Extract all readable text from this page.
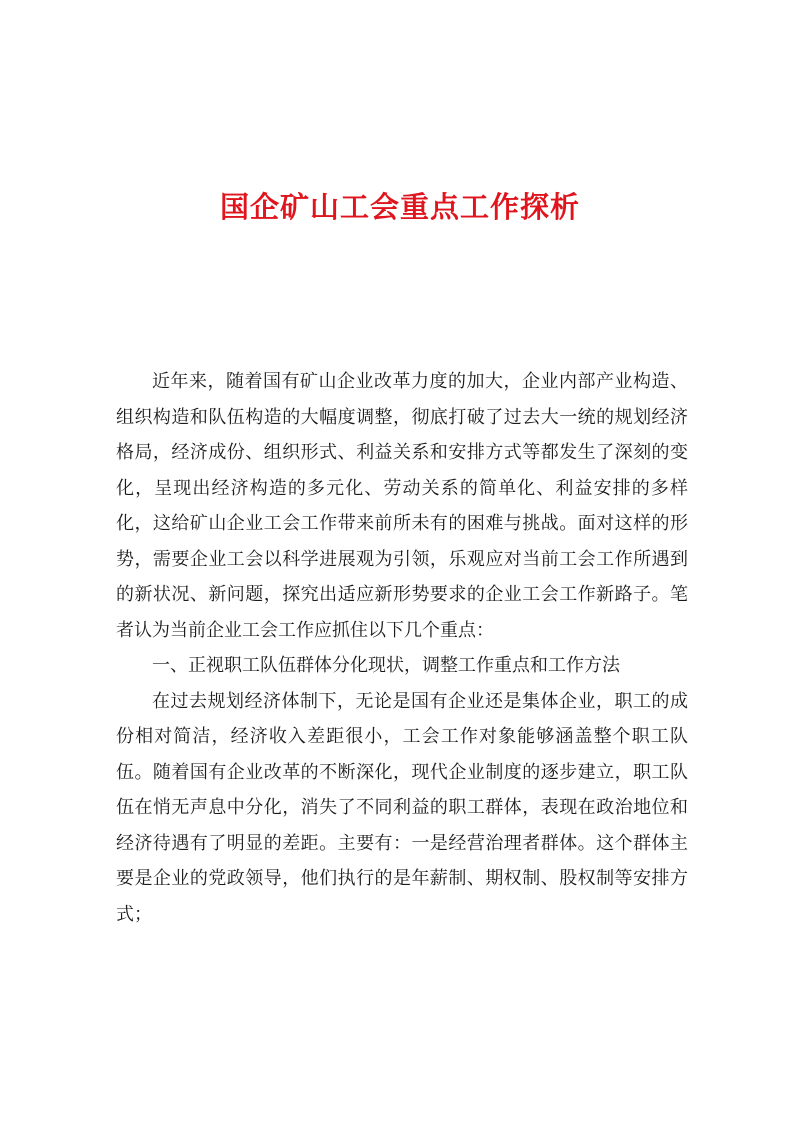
国企矿山工会重点工作探析

近年来，随着国有矿山企业改革力度的加大，企业内部产业构造、组织构造和队伍构造的大幅度调整，彻底打破了过去大一统的规划经济格局，经济成份、组织形式、利益关系和安排方式等都发生了深刻的变化，呈现出经济构造的多元化、劳动关系的简单化、利益安排的多样化，这给矿山企业工会工作带来前所未有的困难与挑战。面对这样的形势，需要企业工会以科学进展观为引领，乐观应对当前工会工作所遇到的新状况、新问题，探究出适应新形势要求的企业工会工作新路子。笔者认为当前企业工会工作应抓住以下几个重点：

一、正视职工队伍群体分化现状，调整工作重点和工作方法

在过去规划经济体制下，无论是国有企业还是集体企业，职工的成份相对简洁，经济收入差距很小，工会工作对象能够涵盖整个职工队伍。随着国有企业改革的不断深化，现代企业制度的逐步建立，职工队伍在悄无声息中分化，消失了不同利益的职工群体，表现在政治地位和经济待遇有了明显的差距。主要有：一是经营治理者群体。这个群体主要是企业的党政领导，他们执行的是年薪制、期权制、股权制等安排方式；
